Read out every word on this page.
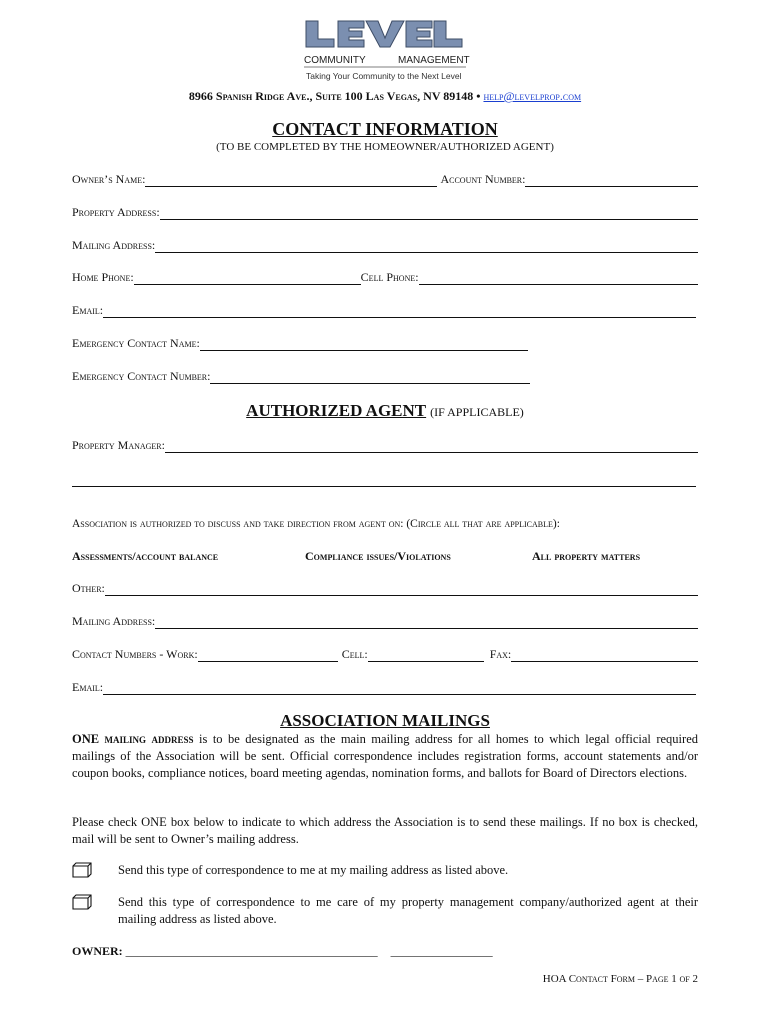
COMMUNITY	MANAGEMENT
Taking Your Community to the Next Level
8966 Spanish Ridge Ave., Suite 100 Las Vegas, NV 89148 • help@levelprop.com
CONTACT INFORMATION
(TO BE COMPLETED BY THE HOMEOWNER/AUTHORIZED AGENT)
Owner’s Name:	Account Number:
Property Address:
Mailing Address:
Home Phone:	Cell Phone:
Email:
Emergency Contact Name:
Emergency Contact Number:
AUTHORIZED AGENT (IF APPLICABLE)
Property Manager:
Association is authorized to discuss and take direction from agent on: (Circle all that are applicable):
Assessments/account balance	Compliance issues/Violations	All property matters
Other:
Mailing Address:
Contact Numbers - Work:	Cell:	Fax:
Email:
ASSOCIATION MAILINGS
ONE mailing address is to be designated as the main mailing address for all homes to which legal official required mailings of the Association will be sent. Official correspondence includes registration forms, account statements and/or coupon books, compliance notices, board meeting agendas, nomination forms, and ballots for Board of Directors elections.
Please check ONE box below to indicate to which address the Association is to send these mailings. If no box is checked, mail will be sent to Owner’s mailing address.
Send this type of correspondence to me at my mailing address as listed above.
Send this type of correspondence to me care of my property management company/authorized agent at their mailing address as listed above.
OWNER: __________________________________________ _________________
HOA Contact Form – Page 1 of 2
